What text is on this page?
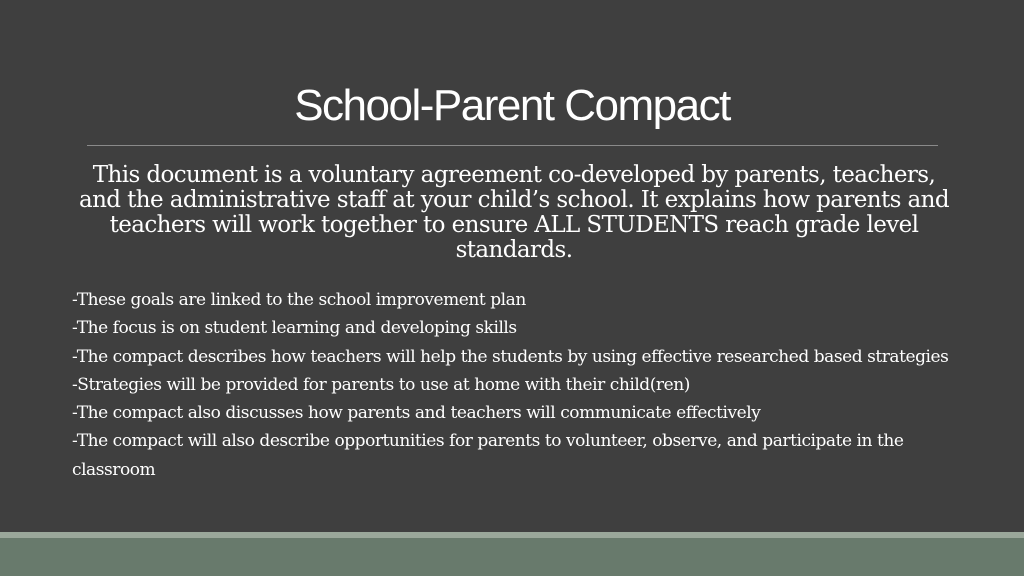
School-Parent Compact

This document is a voluntary agreement co-developed by parents, teachers, and the administrative staff at your child’s school. It explains how parents and teachers will work together to ensure ALL STUDENTS reach grade level standards.

-These goals are linked to the school improvement plan
-The focus is on student learning and developing skills
-The compact describes how teachers will help the students by using effective researched based strategies
-Strategies will be provided for parents to use at home with their child(ren)
-The compact also discusses how parents and teachers will communicate effectively
-The compact will also describe opportunities for parents to volunteer, observe, and participate in the classroom
